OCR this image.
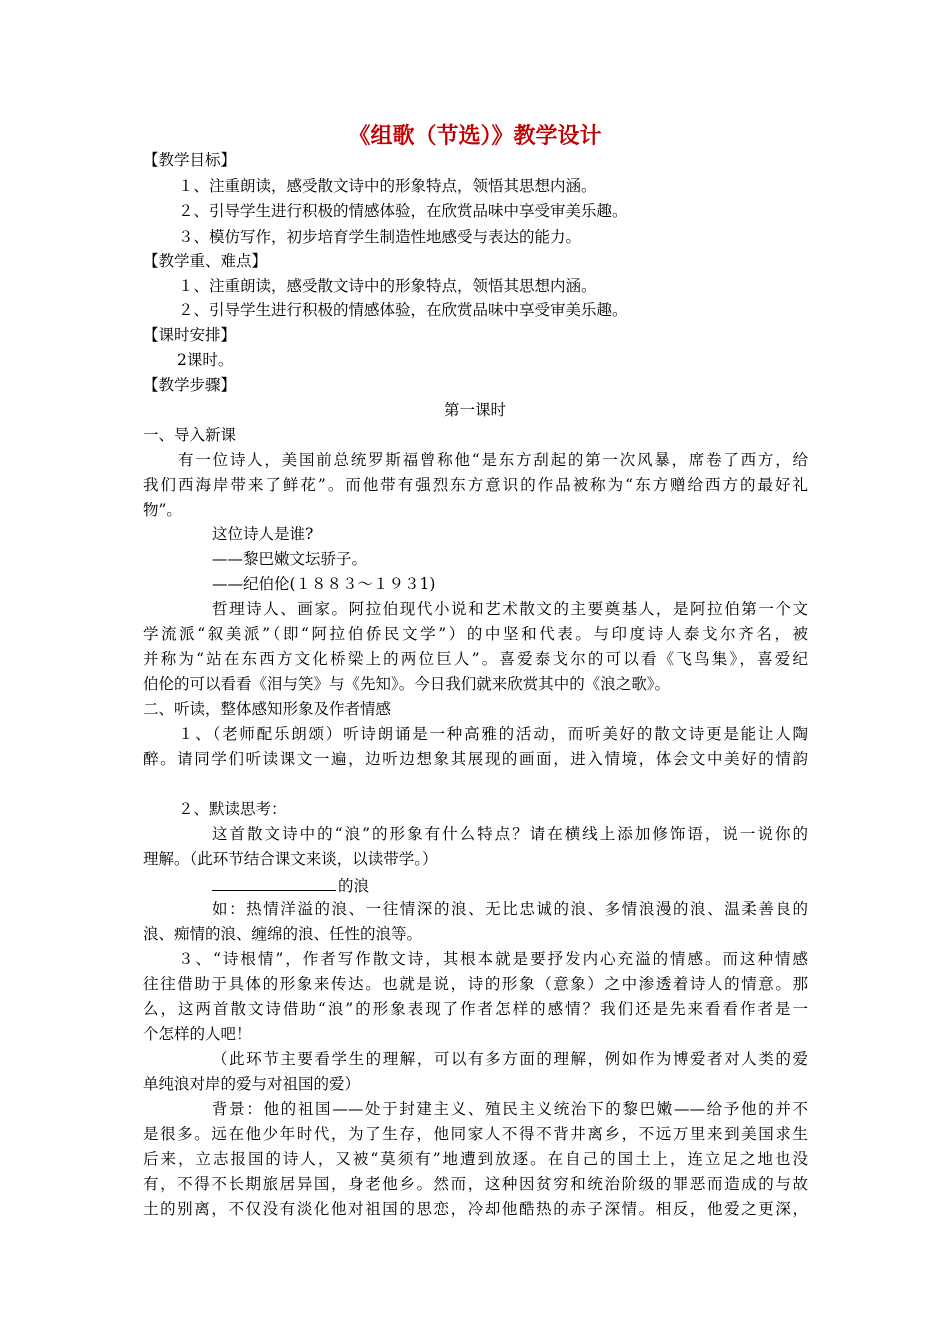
《组歌（节选）》教学设计
【教学目标】
１、注重朗读，感受散文诗中的形象特点，领悟其思想内涵。
２、引导学生进行积极的情感体验，在欣赏品味中享受审美乐趣。
３、模仿写作，初步培育学生制造性地感受与表达的能力。
【教学重、难点】
１、注重朗读，感受散文诗中的形象特点，领悟其思想内涵。
２、引导学生进行积极的情感体验，在欣赏品味中享受审美乐趣。
【课时安排】
2课时。
【教学步骤】
第一课时
一、导入新课
有一位诗人，美国前总统罗斯福曾称他“是东方刮起的第一次风暴，席卷了西方，给
我们西海岸带来了鲜花”。而他带有强烈东方意识的作品被称为“东方赠给西方的最好礼
物”。
这位诗人是谁?
——黎巴嫩文坛骄子。
——纪伯伦(１８８３～１９３1)
哲理诗人、画家。阿拉伯现代小说和艺术散文的主要奠基人，是阿拉伯第一个文
学流派“叙美派”（即“阿拉伯侨民文学”）的中坚和代表。与印度诗人泰戈尔齐名，被
并称为“站在东西方文化桥梁上的两位巨人”。喜爱泰戈尔的可以看《飞鸟集》，喜爱纪
伯伦的可以看看《泪与笑》与《先知》。今日我们就来欣赏其中的《浪之歌》。
二、听读，整体感知形象及作者情感
１、（老师配乐朗颂）听诗朗诵是一种高雅的活动，而听美好的散文诗更是能让人陶
醉。请同学们听读课文一遍，边听边想象其展现的画面，进入情境，体会文中美好的情韵
２、默读思考：
这首散文诗中的“浪”的形象有什么特点？请在横线上添加修饰语，说一说你的
理解。（此环节结合课文来谈，以读带学。）
的浪
如：热情洋溢的浪、一往情深的浪、无比忠诚的浪、多情浪漫的浪、温柔善良的
浪、痴情的浪、缠绵的浪、任性的浪等。
３、“诗根情”，作者写作散文诗，其根本就是要抒发内心充溢的情感。而这种情感
往往借助于具体的形象来传达。也就是说，诗的形象（意象）之中渗透着诗人的情意。那
么，这两首散文诗借助“浪”的形象表现了作者怎样的感情？我们还是先来看看作者是一
个怎样的人吧！
（此环节主要看学生的理解，可以有多方面的理解，例如作为博爱者对人类的爱
单纯浪对岸的爱与对祖国的爱）
背景：他的祖国——处于封建主义、殖民主义统治下的黎巴嫩——给予他的并不
是很多。远在他少年时代，为了生存，他同家人不得不背井离乡，不远万里来到美国求生
后来，立志报国的诗人，又被“莫须有”地遭到放逐。在自己的国土上，连立足之地也没
有，不得不长期旅居异国，身老他乡。然而，这种因贫穷和统治阶级的罪恶而造成的与故
土的别离，不仅没有淡化他对祖国的思恋，冷却他酷热的赤子深情。相反，他爱之更深，
